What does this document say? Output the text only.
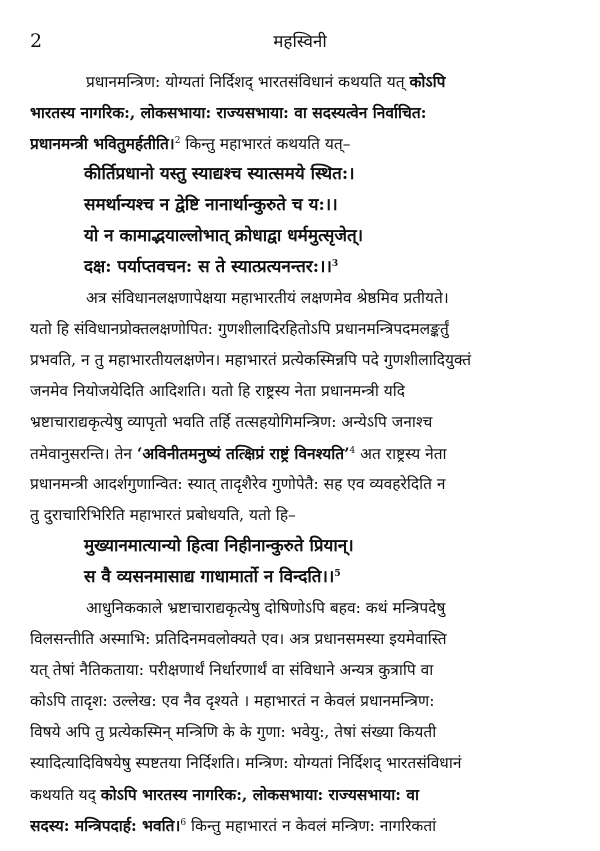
2	महस्विनी
प्रधानमन्त्रिण: योग्यतां निर्दिशद् भारतसंविधानं कथयति यत् कोऽपि
भारतस्य नागरिक:, लोकसभाया: राज्यसभाया: वा सदस्यत्वेन निर्वाचित:
प्रधानमन्त्री भवितुमर्हतीति।$^2$ किन्तु महाभारतं कथयति यत्–
कीर्तिप्रधानो यस्तु स्याद्यश्च स्यात्समये स्थित:।
समर्थान्यश्च न द्वेष्टि नानार्थान्कुरुते च य:।।
यो न कामाद्भयाल्लोभात् क्रोधाद्वा धर्ममुत्सृजेत्।
दक्ष: पर्याप्तवचन: स ते स्यात्प्रत्यनन्तर:।।$^3$
अत्र संविधानलक्षणापेक्षया महाभारतीयं लक्षणमेव श्रेष्ठमिव प्रतीयते।
यतो हि संविधानप्रोक्तलक्षणोपित: गुणशीलादिरहितोऽपि प्रधानमन्त्रिपदमलङ्कर्तुं
प्रभवति, न तु महाभारतीयलक्षणेन। महाभारतं प्रत्येकस्मिन्नपि पदे गुणशीलादियुक्तं
जनमेव नियोजयेदिति आदिशति। यतो हि राष्ट्रस्य नेता प्रधानमन्त्री यदि
भ्रष्टाचाराद्यकृत्येषु व्यापृतो भवति तर्हि तत्सहयोगिमन्त्रिण: अन्येऽपि जनाश्च
तमेवानुसरन्ति। तेन ‘अविनीतमनुष्यं तत्क्षिप्रं राष्ट्रं विनश्यति’$^4$ अत राष्ट्रस्य नेता
प्रधानमन्त्री आदर्शगुणान्वित: स्यात् तादृशैरेव गुणोपेतै: सह एव व्यवहरेदिति न
तु दुराचारिभिरिति महाभारतं प्रबोधयति, यतो हि–
मुख्यानमात्यान्यो हित्वा निहीनान्कुरुते प्रियान्।
स वै व्यसनमासाद्य गाधामार्तो न विन्दति।।$^5$
आधुनिककाले भ्रष्टाचाराद्यकृत्येषु दोषिणोऽपि बहव: कथं मन्त्रिपदेषु
विलसन्तीति अस्माभि: प्रतिदिनमवलोक्यते एव। अत्र प्रधानसमस्या इयमेवास्ति
यत् तेषां नैतिकताया: परीक्षणार्थं निर्धारणार्थं वा संविधाने अन्यत्र कुत्रापि वा
कोऽपि तादृश: उल्लेख: एव नैव दृश्यते । महाभारतं न केवलं प्रधानमन्त्रिण:
विषये अपि तु प्रत्येकस्मिन् मन्त्रिणि के के गुणा: भवेयु:, तेषां संख्या कियती
स्यादित्यादिविषयेषु स्पष्टतया निर्दिशति। मन्त्रिण: योग्यतां निर्दिशद् भारतसंविधानं
कथयति यद् कोऽपि भारतस्य नागरिक:, लोकसभाया: राज्यसभाया: वा
सदस्य: मन्त्रिपदार्ह: भवति।$^6$ किन्तु महाभारतं न केवलं मन्त्रिण: नागरिकतां
